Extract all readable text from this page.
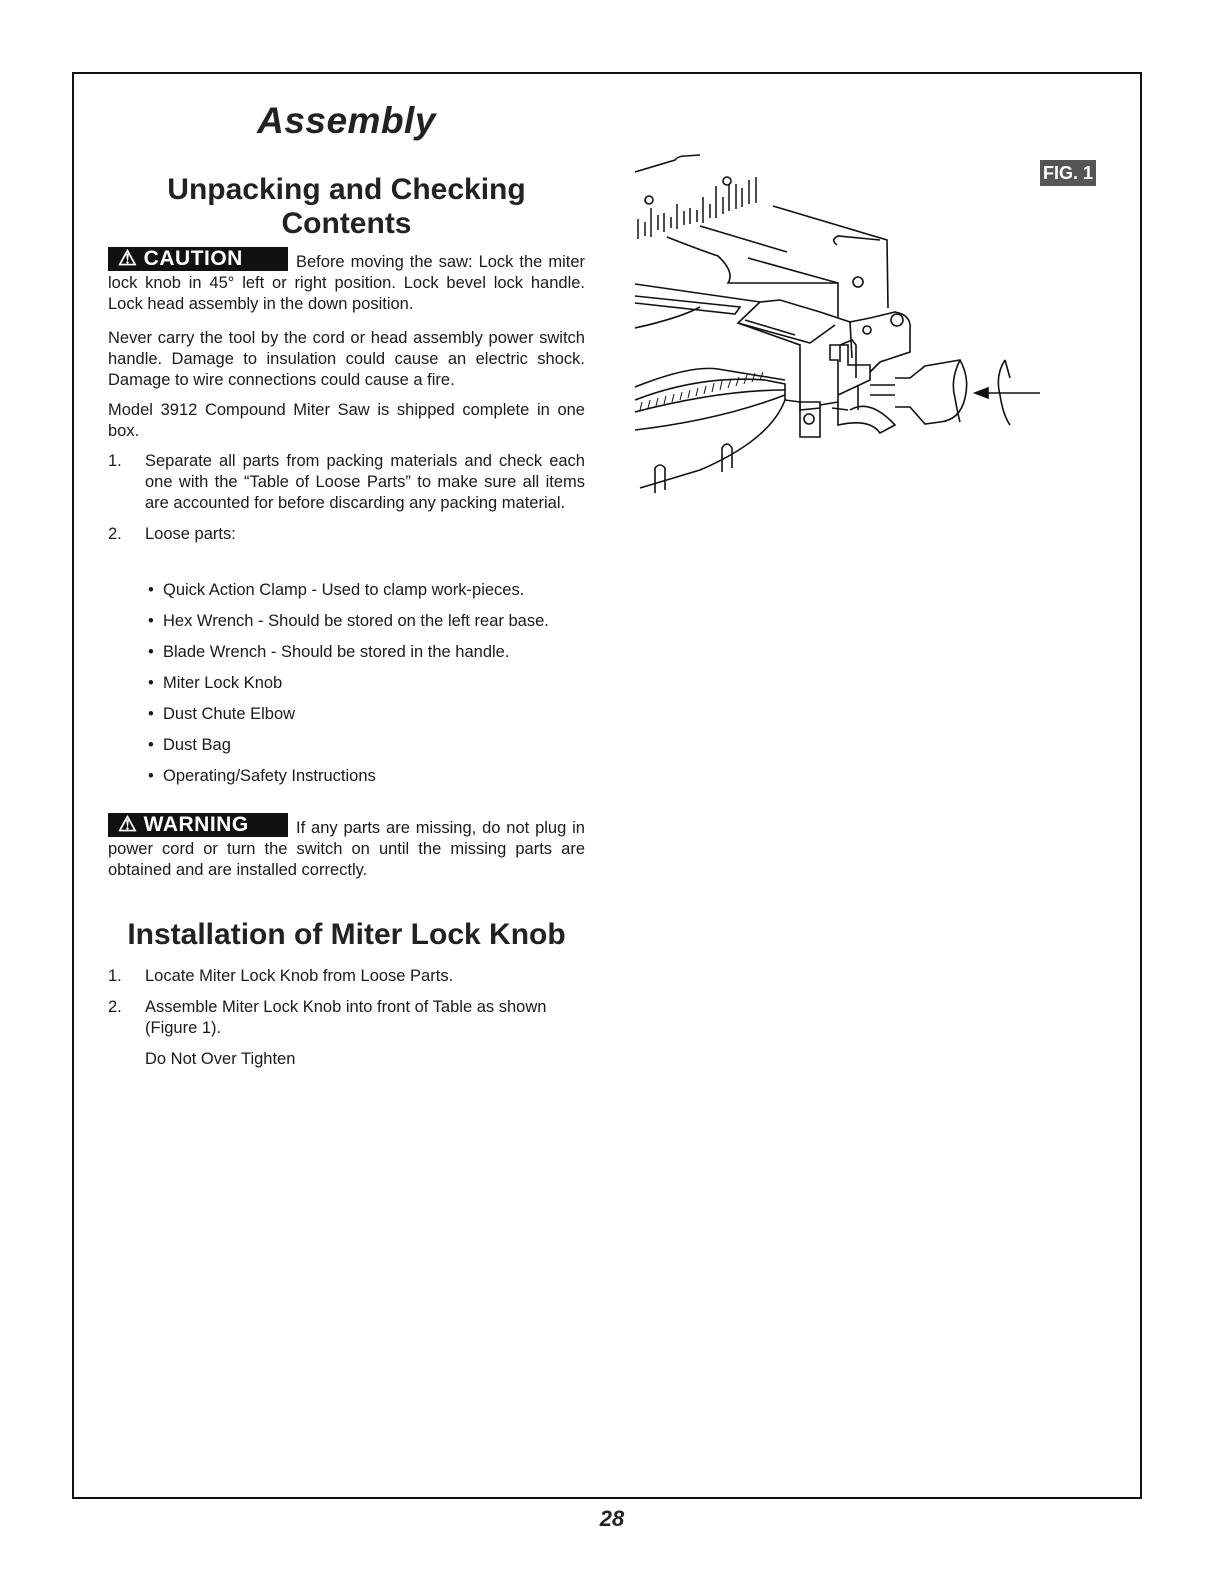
Assembly
Unpacking and Checking
Contents
⚠ CAUTION	Before moving the saw: Lock the miter lock knob in 45° left or right position. Lock bevel lock handle. Lock head assembly in the down position.

Never carry the tool by the cord or head assembly power switch handle. Damage to insulation could cause an electric shock. Damage to wire connections could cause a fire.

Model 3912 Compound Miter Saw is shipped complete in one box.

1. Separate all parts from packing materials and check each one with the “Table of Loose Parts” to make sure all items are accounted for before discarding any packing material.
2. Loose parts:
• Quick Action Clamp - Used to clamp work-pieces.
• Hex Wrench - Should be stored on the left rear base.
• Blade Wrench - Should be stored in the handle.
• Miter Lock Knob
• Dust Chute Elbow
• Dust Bag
• Operating/Safety Instructions
⚠ WARNING	If any parts are missing, do not plug in power cord or turn the switch on until the missing parts are obtained and are installed correctly.
Installation of Miter Lock Knob
1. Locate Miter Lock Knob from Loose Parts.
2. Assemble Miter Lock Knob into front of Table as shown (Figure 1).
Do Not Over Tighten
FIG. 1
28
